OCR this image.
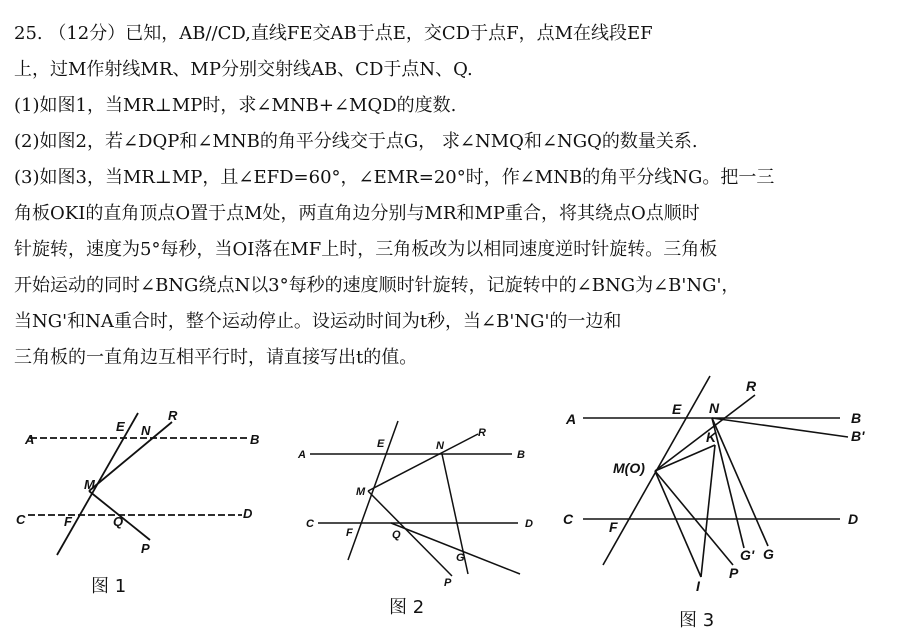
25. （12分）已知，AB//CD,直线FE交AB于点E，交CD于点F，点M在线段EF
上，过M作射线MR、MP分别交射线AB、CD于点N、Q.
(1)如图1，当MR⊥MP时，求∠MNB+∠MQD的度数.
(2)如图2，若∠DQP和∠MNB的角平分线交于点G， 求∠NMQ和∠NGQ的数量关系.
(3)如图3，当MR⊥MP，且∠EFD=60°，∠EMR=20°时，作∠MNB的角平分线NG。把一三
角板OKI的直角顶点O置于点M处，两直角边分别与MR和MP重合，将其绕点O点顺时
针旋转，速度为5°每秒，当OI落在MF上时，三角板改为以相同速度逆时针旋转。三角板
开始运动的同时∠BNG绕点N以3°每秒的速度顺时针旋转，记旋转中的∠BNG为∠B'NG'，
当NG'和NA重合时，整个运动停止。设运动时间为t秒，当∠B'NG'的一边和
三角板的一直角边互相平行时，请直接写出t的值。
A	B
E N
R
M
C	F	Q
D
P
图 1
A	B
E	N
R
M
C
F	Q
D
G
P
图 2
A	B
B'
E N
R
K
M(O)
C	F	D
G' G
P
I
图 3
